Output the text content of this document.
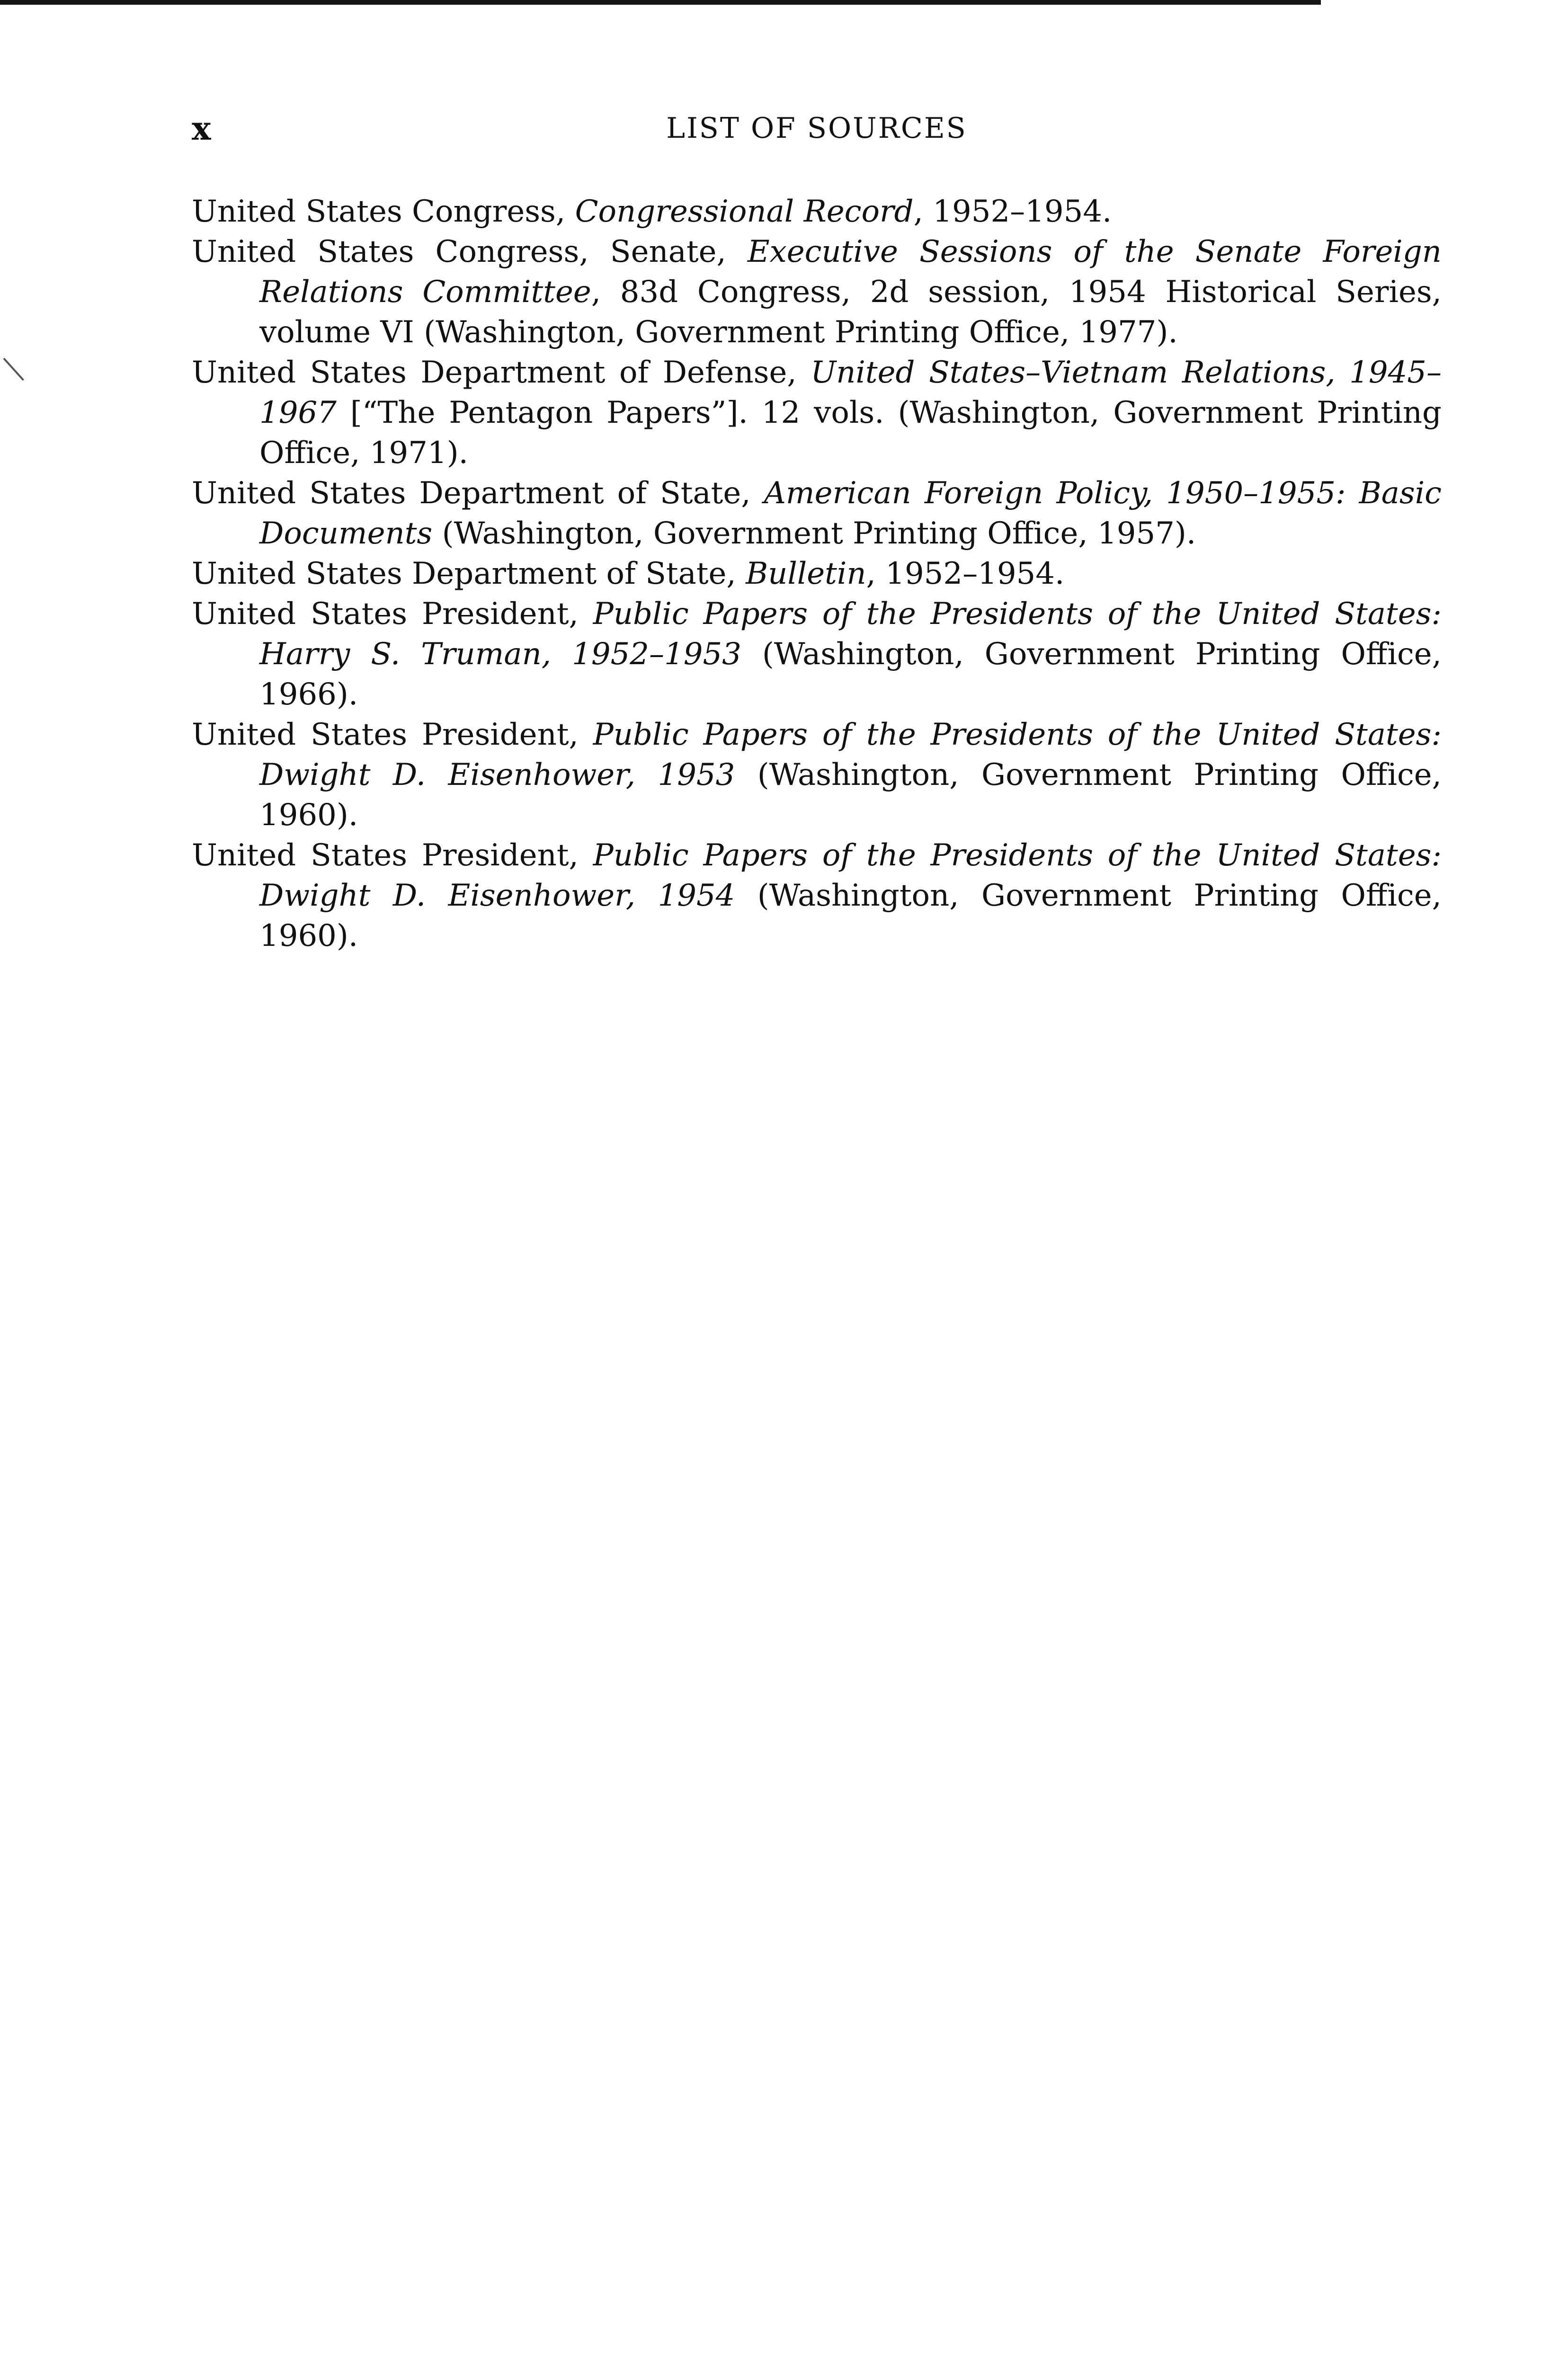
x	LIST OF SOURCES
United States Congress, Congressional Record, 1952–1954.
United States Congress, Senate, Executive Sessions of the Senate Foreign Relations Committee, 83d Congress, 2d session, 1954 Historical Series, volume VI (Washington, Government Printing Office, 1977).
United States Department of Defense, United States–Vietnam Relations, 1945–1967 [“The Pentagon Papers”]. 12 vols. (Washington, Government Printing Office, 1971).
United States Department of State, American Foreign Policy, 1950–1955: Basic Documents (Washington, Government Printing Office, 1957).
United States Department of State, Bulletin, 1952–1954.
United States President, Public Papers of the Presidents of the United States: Harry S. Truman, 1952–1953 (Washington, Government Printing Office, 1966).
United States President, Public Papers of the Presidents of the United States: Dwight D. Eisenhower, 1953 (Washington, Government Printing Office, 1960).
United States President, Public Papers of the Presidents of the United States: Dwight D. Eisenhower, 1954 (Washington, Government Printing Office, 1960).
